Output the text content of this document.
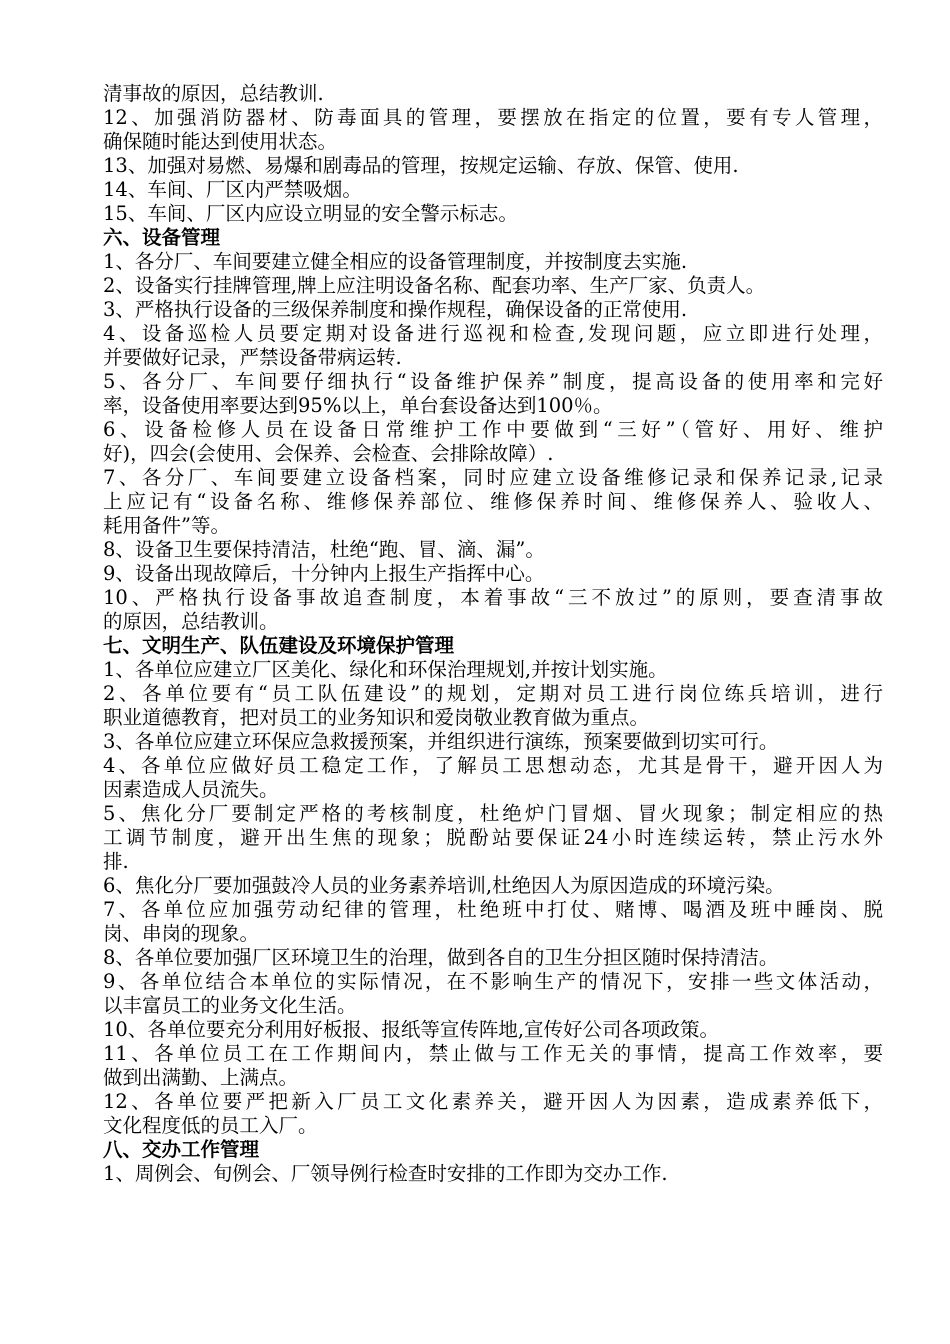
清事故的原因，总结教训.
12、加强消防器材、防毒面具的管理，要摆放在指定的位置，要有专人管理，
确保随时能达到使用状态。
13、加强对易燃、易爆和剧毒品的管理，按规定运输、存放、保管、使用.
14、车间、厂区内严禁吸烟。
15、车间、厂区内应设立明显的安全警示标志。
六、设备管理
1、各分厂、车间要建立健全相应的设备管理制度，并按制度去实施.
2、设备实行挂牌管理,牌上应注明设备名称、配套功率、生产厂家、负责人。
3、严格执行设备的三级保养制度和操作规程，确保设备的正常使用.
4、设备巡检人员要定期对设备进行巡视和检查,发现问题，应立即进行处理，
并要做好记录，严禁设备带病运转.
5、各分厂、车间要仔细执行“设备维护保养”制度，提高设备的使用率和完好
率，设备使用率要达到95%以上，单台套设备达到100％。
6、设备检修人员在设备日常维护工作中要做到“三好”（管好、用好、维护
好)，四会(会使用、会保养、会检查、会排除故障）.
7、各分厂、车间要建立设备档案，同时应建立设备维修记录和保养记录,记录
上应记有“设备名称、维修保养部位、维修保养时间、维修保养人、验收人、
耗用备件”等。
8、设备卫生要保持清洁，杜绝“跑、冒、滴、漏”。
9、设备出现故障后，十分钟内上报生产指挥中心。
10、严格执行设备事故追查制度，本着事故“三不放过”的原则，要查清事故
的原因，总结教训。
七、文明生产、队伍建设及环境保护管理
1、各单位应建立厂区美化、绿化和环保治理规划,并按计划实施。
2、各单位要有“员工队伍建设”的规划，定期对员工进行岗位练兵培训，进行
职业道德教育，把对员工的业务知识和爱岗敬业教育做为重点。
3、各单位应建立环保应急救援预案，并组织进行演练，预案要做到切实可行。
4、各单位应做好员工稳定工作，了解员工思想动态，尤其是骨干，避开因人为
因素造成人员流失。
5、焦化分厂要制定严格的考核制度，杜绝炉门冒烟、冒火现象；制定相应的热
工调节制度，避开出生焦的现象；脱酚站要保证24小时连续运转，禁止污水外
排.
6、焦化分厂要加强鼓冷人员的业务素养培训,杜绝因人为原因造成的环境污染。
7、各单位应加强劳动纪律的管理，杜绝班中打仗、赌博、喝酒及班中睡岗、脱
岗、串岗的现象。
8、各单位要加强厂区环境卫生的治理，做到各自的卫生分担区随时保持清洁。
9、各单位结合本单位的实际情况，在不影响生产的情况下，安排一些文体活动，
以丰富员工的业务文化生活。
10、各单位要充分利用好板报、报纸等宣传阵地,宣传好公司各项政策。
11、各单位员工在工作期间内，禁止做与工作无关的事情，提高工作效率，要
做到出满勤、上满点。
12、各单位要严把新入厂员工文化素养关，避开因人为因素，造成素养低下，
文化程度低的员工入厂。
八、交办工作管理
1、周例会、旬例会、厂领导例行检查时安排的工作即为交办工作.
